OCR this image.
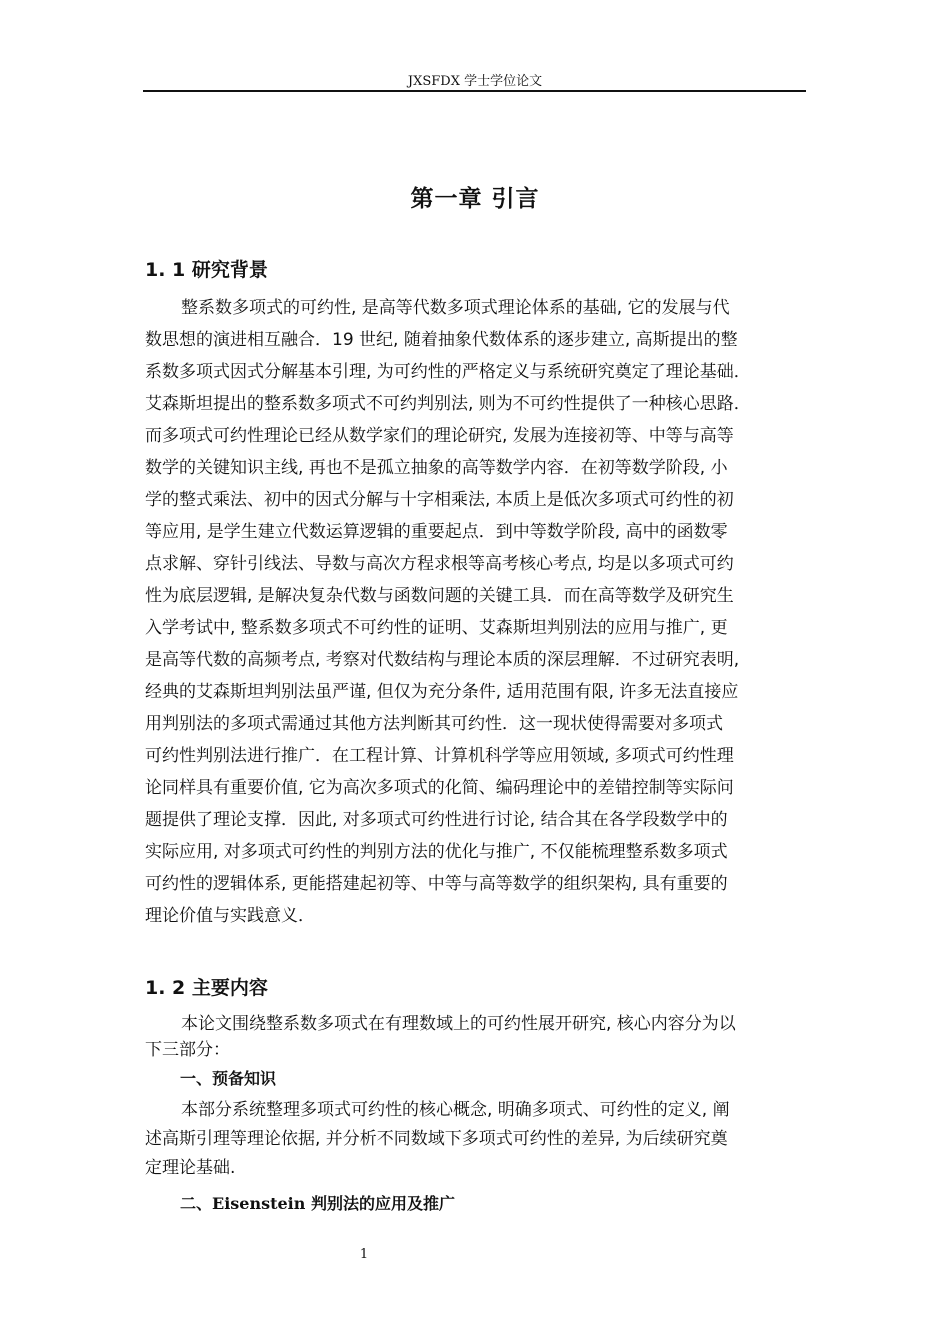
JXSFDX 学士学位论文
第一章 引言
1. 1 研究背景
整系数多项式的可约性, 是高等代数多项式理论体系的基础, 它的发展与代
数思想的演进相互融合．19 世纪, 随着抽象代数体系的逐步建立, 高斯提出的整
系数多项式因式分解基本引理, 为可约性的严格定义与系统研究奠定了理论基础．
艾森斯坦提出的整系数多项式不可约判别法, 则为不可约性提供了一种核心思路．
而多项式可约性理论已经从数学家们的理论研究, 发展为连接初等、中等与高等
数学的关键知识主线, 再也不是孤立抽象的高等数学内容．在初等数学阶段, 小
学的整式乘法、初中的因式分解与十字相乘法, 本质上是低次多项式可约性的初
等应用, 是学生建立代数运算逻辑的重要起点．到中等数学阶段, 高中的函数零
点求解、穿针引线法、导数与高次方程求根等高考核心考点, 均是以多项式可约
性为底层逻辑, 是解决复杂代数与函数问题的关键工具．而在高等数学及研究生
入学考试中, 整系数多项式不可约性的证明、艾森斯坦判别法的应用与推广, 更
是高等代数的高频考点, 考察对代数结构与理论本质的深层理解．不过研究表明,
经典的艾森斯坦判别法虽严谨, 但仅为充分条件, 适用范围有限, 许多无法直接应
用判别法的多项式需通过其他方法判断其可约性．这一现状使得需要对多项式
可约性判别法进行推广．在工程计算、计算机科学等应用领域, 多项式可约性理
论同样具有重要价值, 它为高次多项式的化简、编码理论中的差错控制等实际问
题提供了理论支撑．因此, 对多项式可约性进行讨论, 结合其在各学段数学中的
实际应用, 对多项式可约性的判别方法的优化与推广, 不仅能梳理整系数多项式
可约性的逻辑体系, 更能搭建起初等、中等与高等数学的组织架构, 具有重要的
理论价值与实践意义．
1. 2 主要内容
本论文围绕整系数多项式在有理数域上的可约性展开研究, 核心内容分为以
下三部分：
一、预备知识
本部分系统整理多项式可约性的核心概念, 明确多项式、可约性的定义, 阐
述高斯引理等理论依据, 并分析不同数域下多项式可约性的差异, 为后续研究奠
定理论基础.
二、Eisenstein 判别法的应用及推广
1
